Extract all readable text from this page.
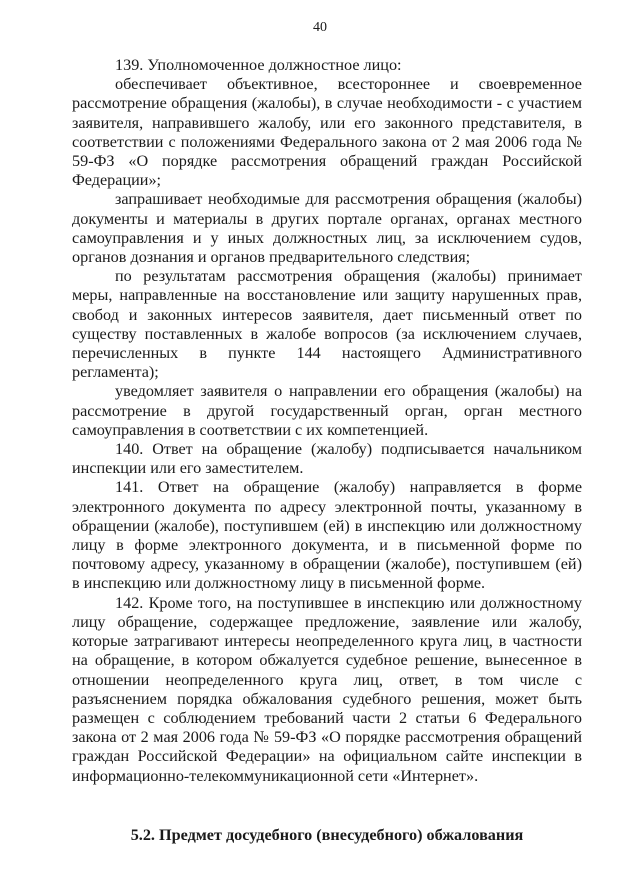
40

139. Уполномоченное должностное лицо:

обеспечивает объективное, всестороннее и своевременное рассмотрение обращения (жалобы), в случае необходимости - с участием заявителя, направившего жалобу, или его законного представителя, в соответствии с положениями Федерального закона от 2 мая 2006 года № 59-ФЗ «О порядке рассмотрения обращений граждан Российской Федерации»;

запрашивает необходимые для рассмотрения обращения (жалобы) документы и материалы в других портале органах, органах местного самоуправления и у иных должностных лиц, за исключением судов, органов дознания и органов предварительного следствия;

по результатам рассмотрения обращения (жалобы) принимает меры, направленные на восстановление или защиту нарушенных прав, свобод и законных интересов заявителя, дает письменный ответ по существу поставленных в жалобе вопросов (за исключением случаев, перечисленных в пункте 144 настоящего Административного регламента);

уведомляет заявителя о направлении его обращения (жалобы) на рассмотрение в другой государственный орган, орган местного самоуправления в соответствии с их компетенцией.

140. Ответ на обращение (жалобу) подписывается начальником инспекции или его заместителем.

141. Ответ на обращение (жалобу) направляется в форме электронного документа по адресу электронной почты, указанному в обращении (жалобе), поступившем (ей) в инспекцию или должностному лицу в форме электронного документа, и в письменной форме по почтовому адресу, указанному в обращении (жалобе), поступившем (ей) в инспекцию или должностному лицу в письменной форме.

142. Кроме того, на поступившее в инспекцию или должностному лицу обращение, содержащее предложение, заявление или жалобу, которые затрагивают интересы неопределенного круга лиц, в частности на обращение, в котором обжалуется судебное решение, вынесенное в отношении неопределенного круга лиц, ответ, в том числе с разъяснением порядка обжалования судебного решения, может быть размещен с соблюдением требований части 2 статьи 6 Федерального закона от 2 мая 2006 года № 59-ФЗ «О порядке рассмотрения обращений граждан Российской Федерации» на официальном сайте инспекции в информационно-телекоммуникационной сети «Интернет».

5.2. Предмет досудебного (внесудебного) обжалования
